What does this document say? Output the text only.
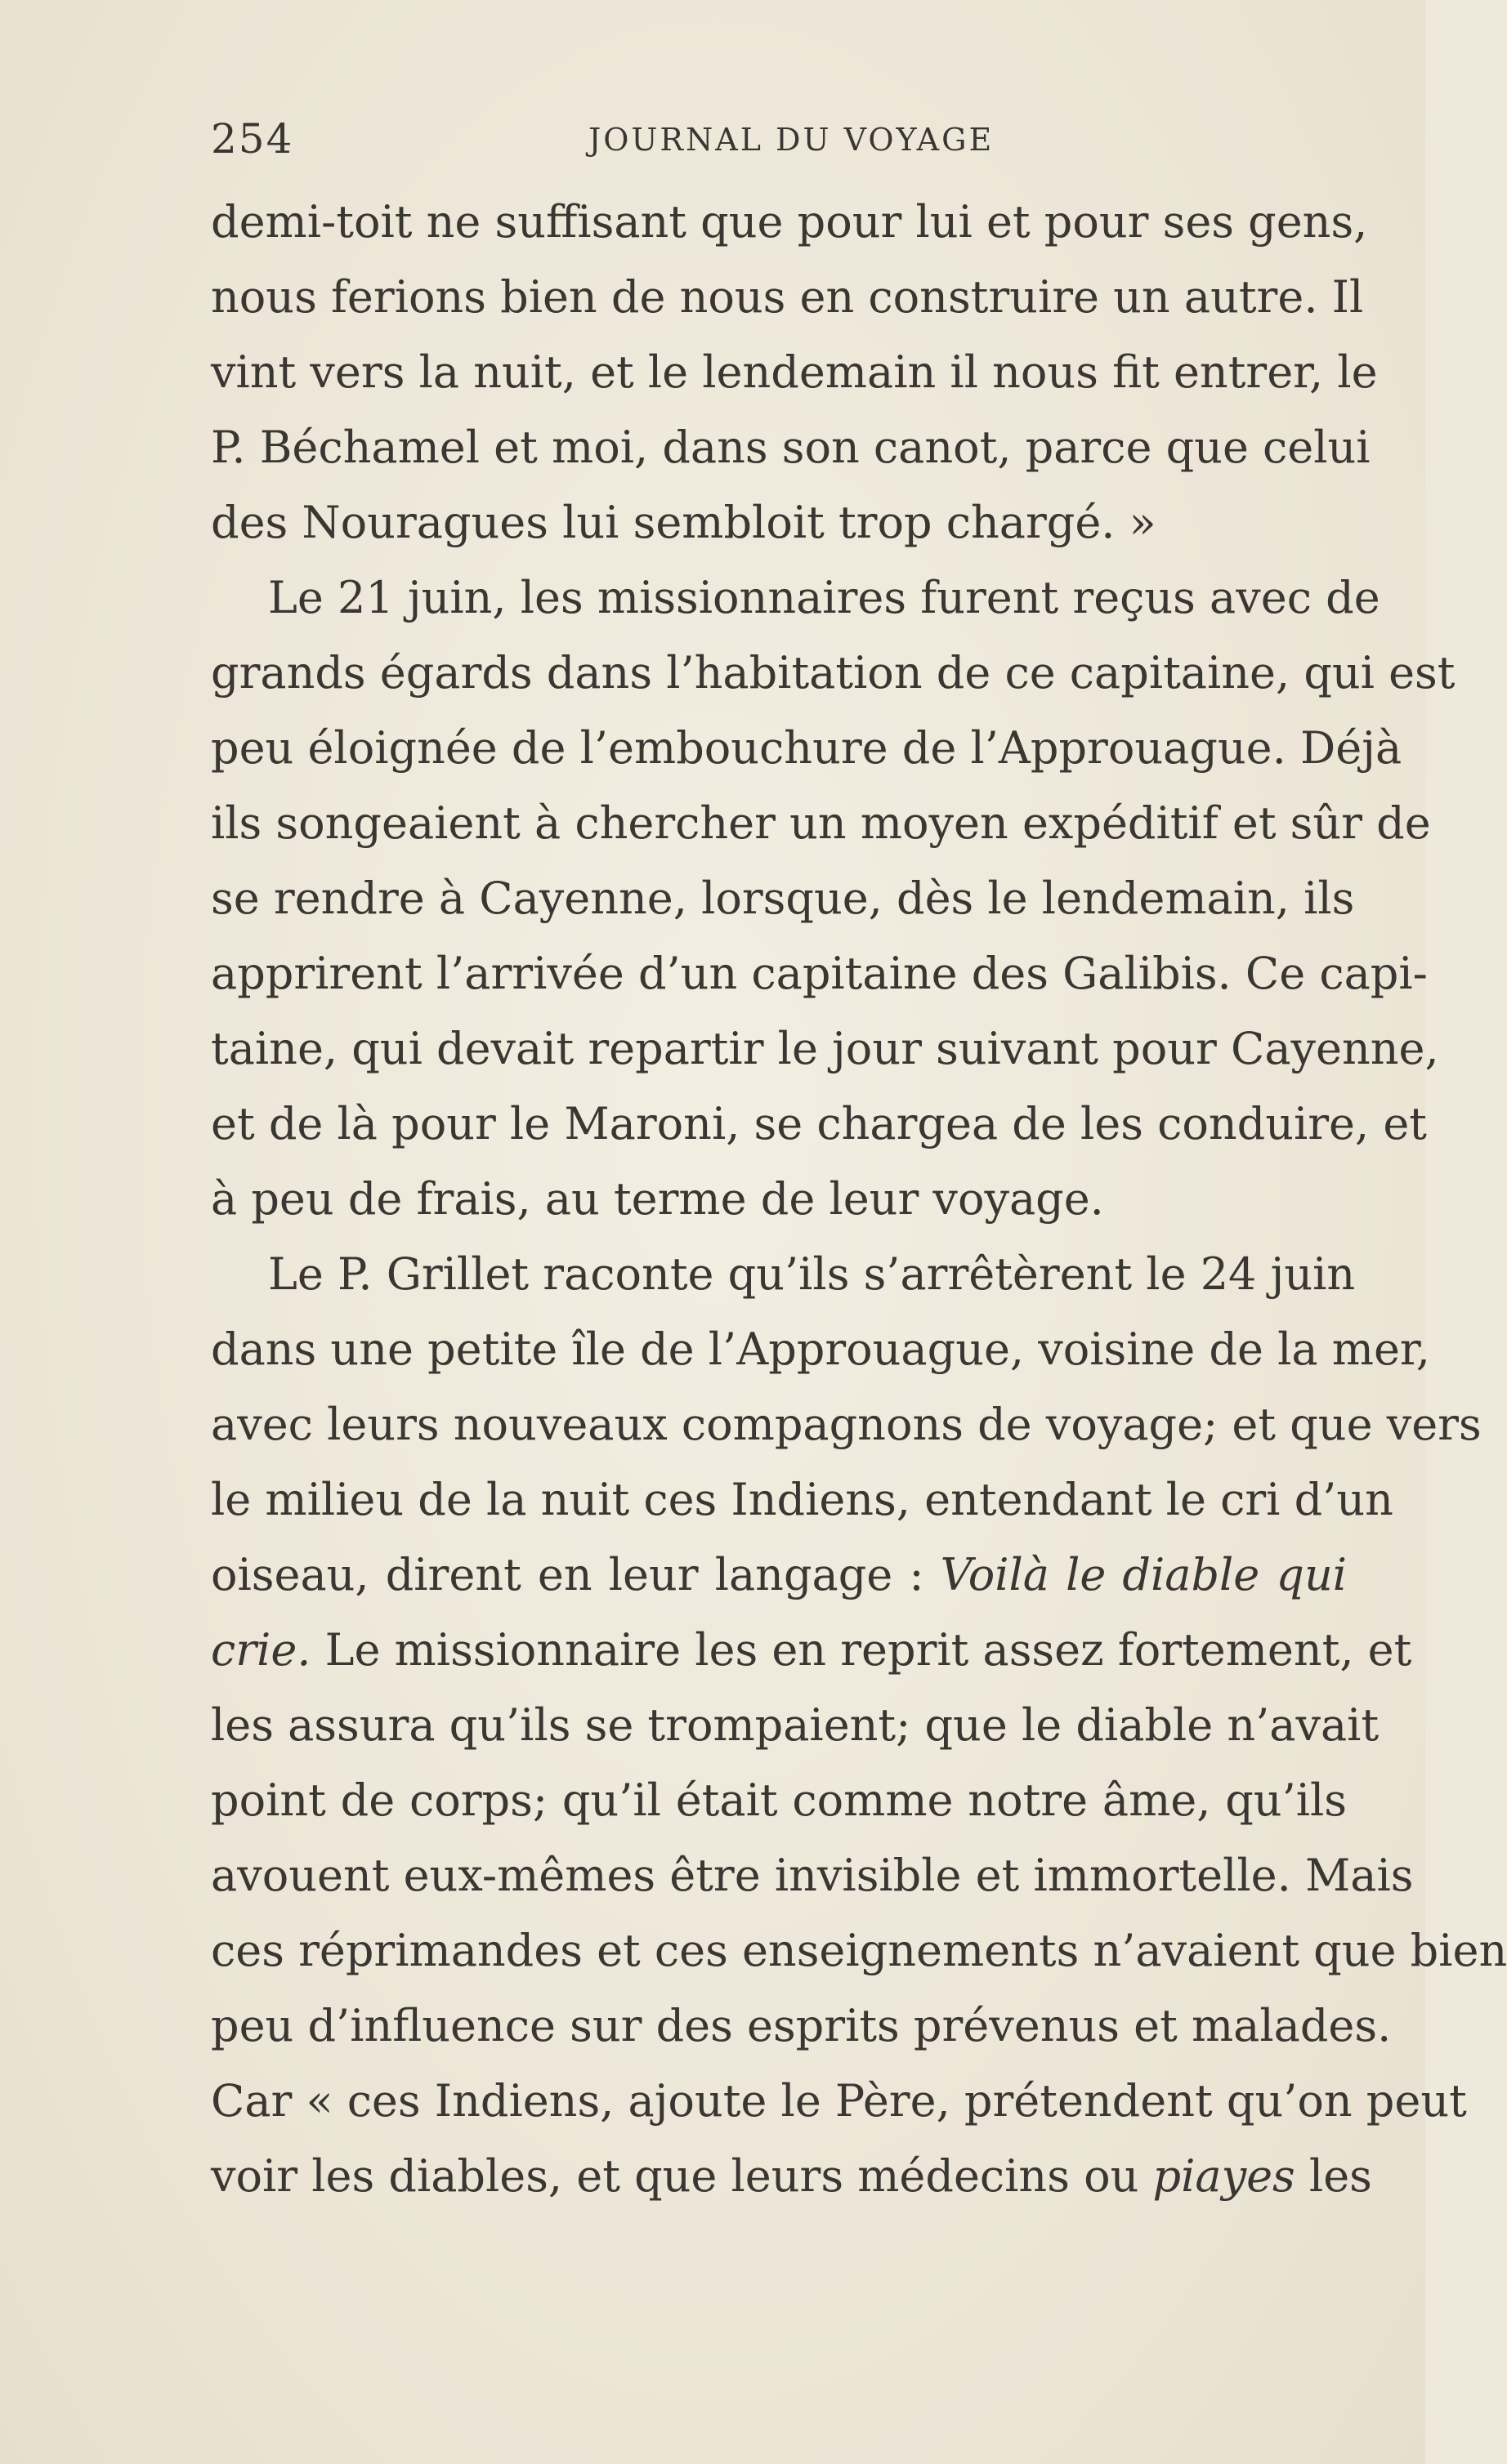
254	JOURNAL DU VOYAGE
demi-toit ne suffisant que pour lui et pour ses gens,
nous ferions bien de nous en construire un autre. Il
vint vers la nuit, et le lendemain il nous fit entrer, le
P. Béchamel et moi, dans son canot, parce que celui
des Nouragues lui sembloit trop chargé. »
Le 21 juin, les missionnaires furent reçus avec de
grands égards dans l’habitation de ce capitaine, qui est
peu éloignée de l’embouchure de l’Approuague. Déjà
ils songeaient à chercher un moyen expéditif et sûr de
se rendre à Cayenne, lorsque, dès le lendemain, ils
apprirent l’arrivée d’un capitaine des Galibis. Ce capi-
taine, qui devait repartir le jour suivant pour Cayenne,
et de là pour le Maroni, se chargea de les conduire, et
à peu de frais, au terme de leur voyage.
Le P. Grillet raconte qu’ils s’arrêtèrent le 24 juin
dans une petite île de l’Approuague, voisine de la mer,
avec leurs nouveaux compagnons de voyage; et que vers
le milieu de la nuit ces Indiens, entendant le cri d’un
oiseau, dirent en leur langage : Voilà le diable qui
crie. Le missionnaire les en reprit assez fortement, et
les assura qu’ils se trompaient; que le diable n’avait
point de corps; qu’il était comme notre âme, qu’ils
avouent eux-mêmes être invisible et immortelle. Mais
ces réprimandes et ces enseignements n’avaient que bien
peu d’influence sur des esprits prévenus et malades.
Car « ces Indiens, ajoute le Père, prétendent qu’on peut
voir les diables, et que leurs médecins ou piayes les
